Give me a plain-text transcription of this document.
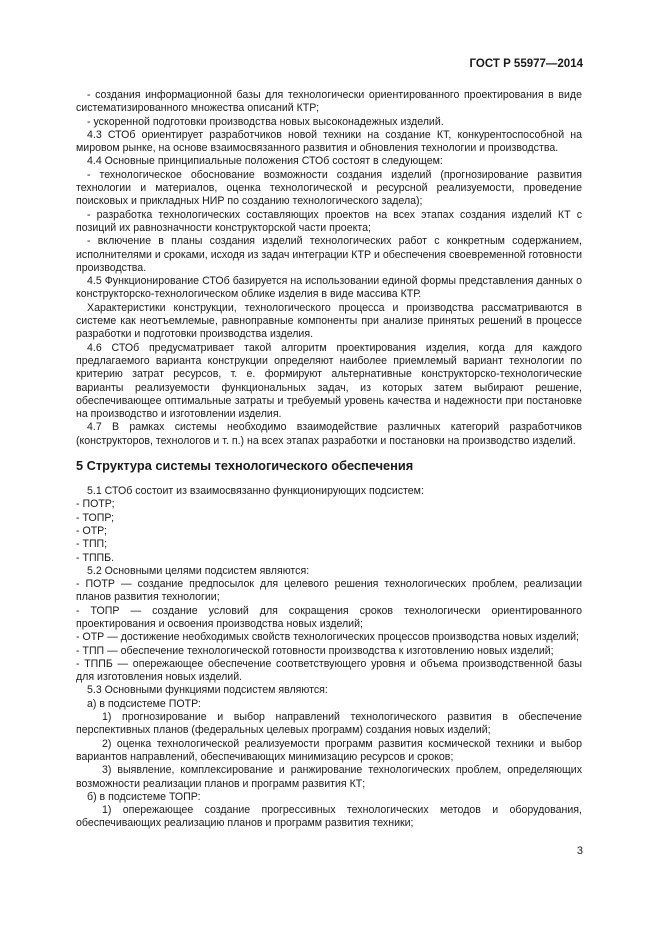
ГОСТ Р 55977—2014

- создания информационной базы для технологически ориентированного проектирования в виде систематизированного множества описаний КТР;

- ускоренной подготовки производства новых высоконадежных изделий.

4.3 СТОб ориентирует разработчиков новой техники на создание КТ, конкурентоспособной на мировом рынке, на основе взаимосвязанного развития и обновления технологии и производства.

4.4 Основные принципиальные положения СТОб состоят в следующем:

- технологическое обоснование возможности создания изделий (прогнозирование развития технологии и материалов, оценка технологической и ресурсной реализуемости, проведение поисковых и прикладных НИР по созданию технологического задела);

- разработка технологических составляющих проектов на всех этапах создания изделий КТ с позиций их равнозначности конструкторской части проекта;

- включение в планы создания изделий технологических работ с конкретным содержанием, исполнителями и сроками, исходя из задач интеграции КТР и обеспечения своевременной готовности производства.

4.5 Функционирование СТОб базируется на использовании единой формы представления данных о конструкторско-технологическом облике изделия в виде массива КТР.

Характеристики конструкции, технологического процесса и производства рассматриваются в системе как неотъемлемые, равноправные компоненты при анализе принятых решений в процессе разработки и подготовки производства изделия.

4.6 СТОб предусматривает такой алгоритм проектирования изделия, когда для каждого предлагаемого варианта конструкции определяют наиболее приемлемый вариант технологии по критерию затрат ресурсов, т. е. формируют альтернативные конструкторско-технологические варианты реализуемости функциональных задач, из которых затем выбирают решение, обеспечивающее оптимальные затраты и требуемый уровень качества и надежности при постановке на производство и изготовлении изделия.

4.7 В рамках системы необходимо взаимодействие различных категорий разработчиков (конструкторов, технологов и т. п.) на всех этапах разработки и постановки на производство изделий.

5 Структура системы технологического обеспечения

5.1 СТОб состоит из взаимосвязанно функционирующих подсистем:

- ПОТР;

- ТОПР;

- ОТР;

- ТПП;

- ТППБ.

5.2 Основными целями подсистем являются:

- ПОТР — создание предпосылок для целевого решения технологических проблем, реализации планов развития технологии;

- ТОПР — создание условий для сокращения сроков технологически ориентированного проектирования и освоения производства новых изделий;

- ОТР — достижение необходимых свойств технологических процессов производства новых изделий;

- ТПП — обеспечение технологической готовности производства к изготовлению новых изделий;

- ТППБ — опережающее обеспечение соответствующего уровня и объема производственной базы для изготовления новых изделий.

5.3 Основными функциями подсистем являются:

а) в подсистеме ПОТР:

1) прогнозирование и выбор направлений технологического развития в обеспечение перспективных планов (федеральных целевых программ) создания новых изделий;

2) оценка технологической реализуемости программ развития космической техники и выбор вариантов направлений, обеспечивающих минимизацию ресурсов и сроков;

3) выявление, комплексирование и ранжирование технологических проблем, определяющих возможности реализации планов и программ развития КТ;

б) в подсистеме ТОПР:

1) опережающее создание прогрессивных технологических методов и оборудования, обеспечивающих реализацию планов и программ развития техники;

3
